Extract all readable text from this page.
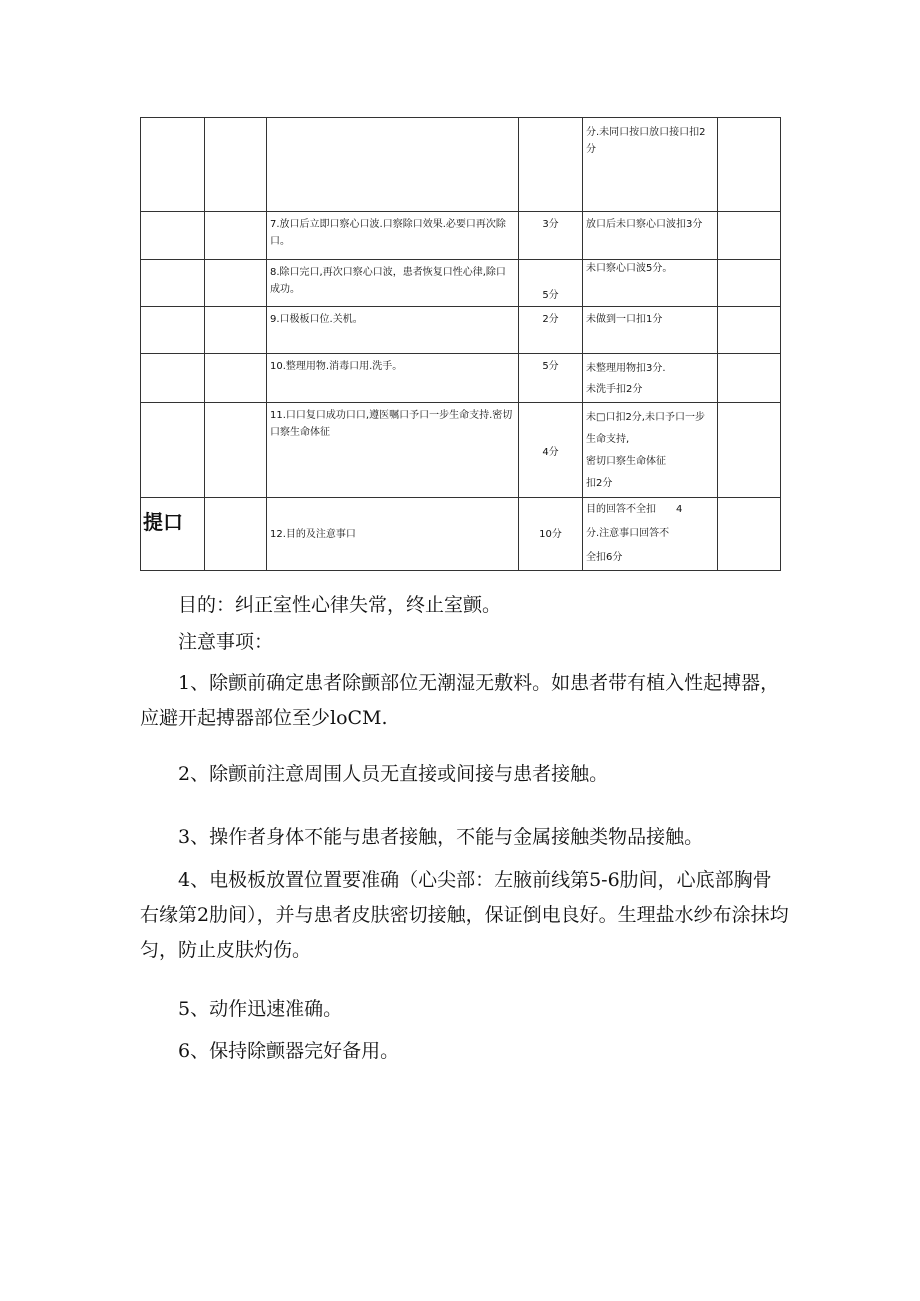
				分.未同口按口放口接口扣2分	

		7.放口后立即口察心口波.口察除口效果.必要口再次除口。	3分	放口后未口察心口波扣3分	

		8.除口完口,再次口察心口波，患者恢复口性心律,除口成功。	5分	未口察心口波5分。	

		9.口极板口位.关机。	2分	未做到一口扣1分	

		10.整理用物.消毒口用.洗手。	5分	未整理用物扣3分.
未洗手扣2分	

		11.口口复口成功口口,遵医嘱口予口一步生命支持.密切口察生命体征	4分	未□口扣2分,未口予口一步生命支持,
密切口察生命体征
扣2分	

提口		12.目的及注意事口	10分	目的回答不全扣　　4
分.注意事口回答不
全扣6分	

目的：纠正室性心律失常，终止室颤。

注意事项：

1、除颤前确定患者除颤部位无潮湿无敷料。如患者带有植入性起搏器，应避开起搏器部位至少loCM.

2、除颤前注意周围人员无直接或间接与患者接触。

3、操作者身体不能与患者接触，不能与金属接触类物品接触。

4、电极板放置位置要准确（心尖部：左腋前线第5-6肋间，心底部胸骨右缘第2肋间），并与患者皮肤密切接触，保证倒电良好。生理盐水纱布涂抹均匀，防止皮肤灼伤。

5、动作迅速准确。

6、保持除颤器完好备用。
